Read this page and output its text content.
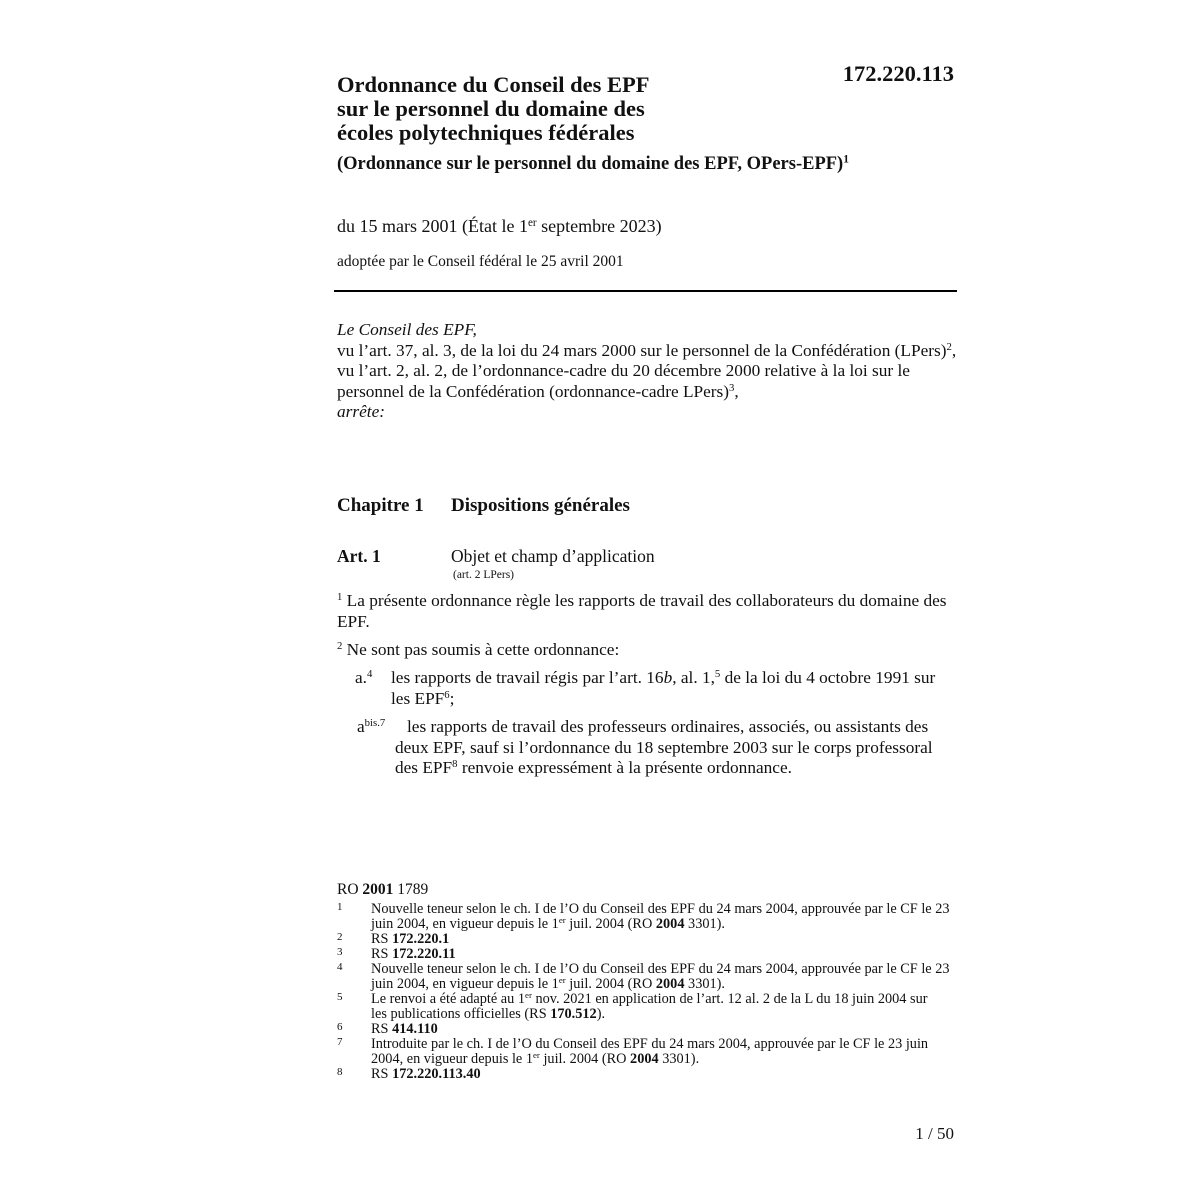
172.220.113
Ordonnance du Conseil des EPF
sur le personnel du domaine des
écoles polytechniques fédérales
(Ordonnance sur le personnel du domaine des EPF, OPers-EPF)$^1$
du 15 mars 2001 (État le 1er septembre 2023)
adoptée par le Conseil fédéral le 25 avril 2001

Le Conseil des EPF,

vu l’art. 37, al. 3, de la loi du 24 mars 2000 sur le personnel de la Confédération (LPers)$^2$,

vu l’art. 2, al. 2, de l’ordonnance-cadre du 20 décembre 2000 relative à la loi sur le personnel de la Confédération (ordonnance-cadre LPers)$^3$,

arrête:

Chapitre 1 Dispositions générales
Art. 1	Objet et champ d’application
(art. 2 LPers)

$^1$ La présente ordonnance règle les rapports de travail des collaborateurs du domaine des EPF.

$^2$ Ne sont pas soumis à cette ordonnance:

a.$^4$ les rapports de travail régis par l’art. 16b, al. 1,$^5$ de la loi du 4 octobre 1991 sur les EPF$^6$;

$a^{bis.7}$	les rapports de travail des professeurs ordinaires, associés, ou assistants des deux EPF, sauf si l’ordonnance du 18 septembre 2003 sur le corps professoral des EPF$^8$ renvoie expressément à la présente ordonnance.

RO 2001 1789
1 Nouvelle teneur selon le ch. I de l’O du Conseil des EPF du 24 mars 2004, approuvée par le CF le 23 juin 2004, en vigueur depuis le 1er juil. 2004 (RO 2004 3301).
2 RS 172.220.1
3 RS 172.220.11
4 Nouvelle teneur selon le ch. I de l’O du Conseil des EPF du 24 mars 2004, approuvée par le CF le 23 juin 2004, en vigueur depuis le 1er juil. 2004 (RO 2004 3301).
5 Le renvoi a été adapté au 1er nov. 2021 en application de l’art. 12 al. 2 de la L du 18 juin 2004 sur les publications officielles (RS 170.512).
6 RS 414.110
7 Introduite par le ch. I de l’O du Conseil des EPF du 24 mars 2004, approuvée par le CF le 23 juin 2004, en vigueur depuis le 1er juil. 2004 (RO 2004 3301).
8 RS 172.220.113.40
1 / 50
